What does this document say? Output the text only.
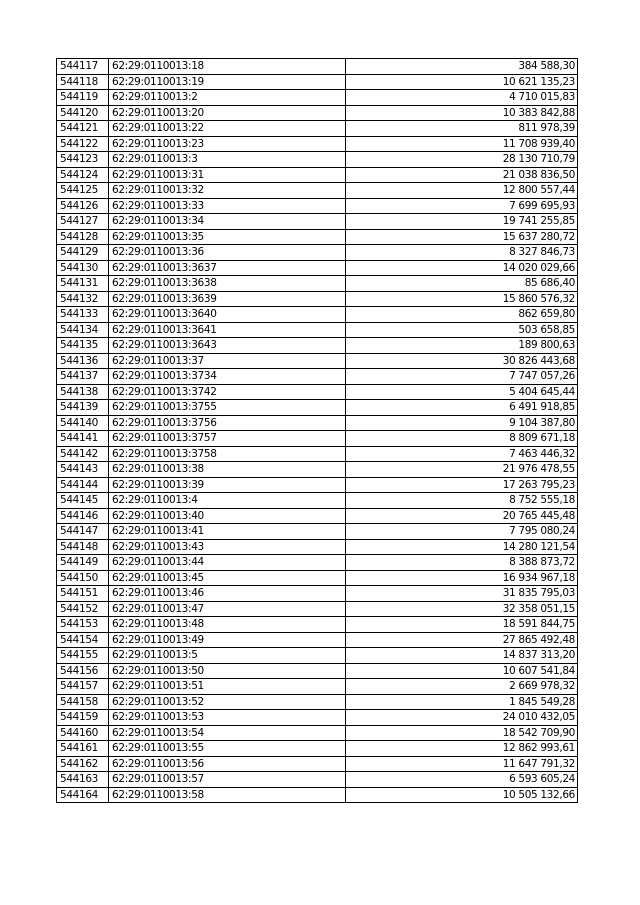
544117	62:29:0110013:18	384 588,30
544118	62:29:0110013:19	10 621 135,23
544119	62:29:0110013:2	4 710 015,83
544120	62:29:0110013:20	10 383 842,88
544121	62:29:0110013:22	811 978,39
544122	62:29:0110013:23	11 708 939,40
544123	62:29:0110013:3	28 130 710,79
544124	62:29:0110013:31	21 038 836,50
544125	62:29:0110013:32	12 800 557,44
544126	62:29:0110013:33	7 699 695,93
544127	62:29:0110013:34	19 741 255,85
544128	62:29:0110013:35	15 637 280,72
544129	62:29:0110013:36	8 327 846,73
544130	62:29:0110013:3637	14 020 029,66
544131	62:29:0110013:3638	85 686,40
544132	62:29:0110013:3639	15 860 576,32
544133	62:29:0110013:3640	862 659,80
544134	62:29:0110013:3641	503 658,85
544135	62:29:0110013:3643	189 800,63
544136	62:29:0110013:37	30 826 443,68
544137	62:29:0110013:3734	7 747 057,26
544138	62:29:0110013:3742	5 404 645,44
544139	62:29:0110013:3755	6 491 918,85
544140	62:29:0110013:3756	9 104 387,80
544141	62:29:0110013:3757	8 809 671,18
544142	62:29:0110013:3758	7 463 446,32
544143	62:29:0110013:38	21 976 478,55
544144	62:29:0110013:39	17 263 795,23
544145	62:29:0110013:4	8 752 555,18
544146	62:29:0110013:40	20 765 445,48
544147	62:29:0110013:41	7 795 080,24
544148	62:29:0110013:43	14 280 121,54
544149	62:29:0110013:44	8 388 873,72
544150	62:29:0110013:45	16 934 967,18
544151	62:29:0110013:46	31 835 795,03
544152	62:29:0110013:47	32 358 051,15
544153	62:29:0110013:48	18 591 844,75
544154	62:29:0110013:49	27 865 492,48
544155	62:29:0110013:5	14 837 313,20
544156	62:29:0110013:50	10 607 541,84
544157	62:29:0110013:51	2 669 978,32
544158	62:29:0110013:52	1 845 549,28
544159	62:29:0110013:53	24 010 432,05
544160	62:29:0110013:54	18 542 709,90
544161	62:29:0110013:55	12 862 993,61
544162	62:29:0110013:56	11 647 791,32
544163	62:29:0110013:57	6 593 605,24
544164	62:29:0110013:58	10 505 132,66
